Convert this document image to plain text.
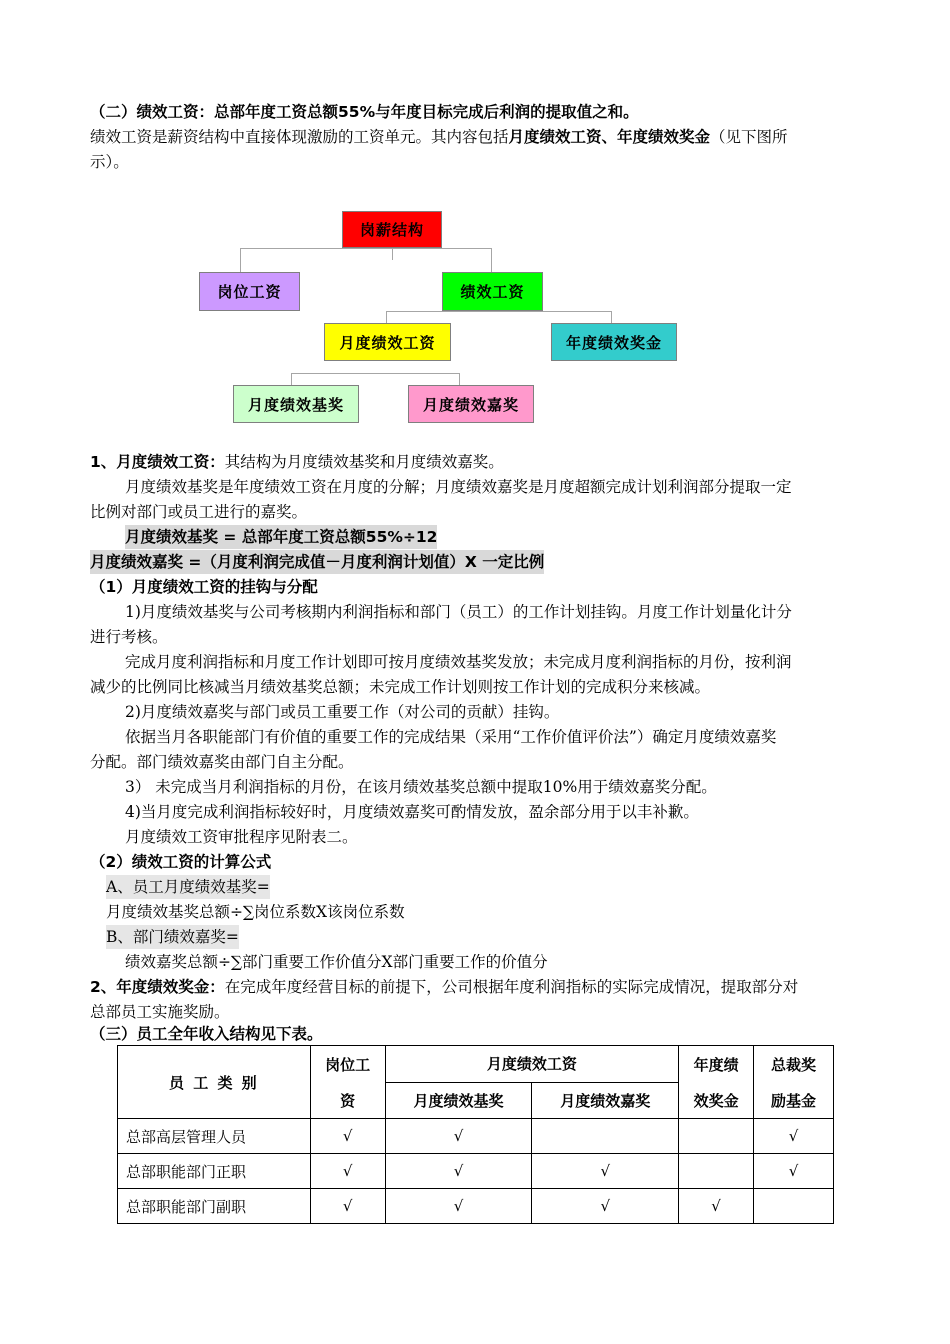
（二）绩效工资：总部年度工资总额55%与年度目标完成后利润的提取值之和。
绩效工资是薪资结构中直接体现激励的工资单元。其内容包括月度绩效工资、年度绩效奖金（见下图所
示）。
岗薪结构
岗位工资	绩效工资
月度绩效工资	年度绩效奖金
月度绩效基奖	月度绩效嘉奖
1、月度绩效工资：其结构为月度绩效基奖和月度绩效嘉奖。
月度绩效基奖是年度绩效工资在月度的分解；月度绩效嘉奖是月度超额完成计划利润部分提取一定
比例对部门或员工进行的嘉奖。
月度绩效基奖 = 总部年度工资总额55%÷12
月度绩效嘉奖 =（月度利润完成值－月度利润计划值）X 一定比例
（1）月度绩效工资的挂钩与分配
1)月度绩效基奖与公司考核期内利润指标和部门（员工）的工作计划挂钩。月度工作计划量化计分
进行考核。
完成月度利润指标和月度工作计划即可按月度绩效基奖发放；未完成月度利润指标的月份，按利润
减少的比例同比核减当月绩效基奖总额；未完成工作计划则按工作计划的完成积分来核减。
2)月度绩效嘉奖与部门或员工重要工作（对公司的贡献）挂钩。
依据当月各职能部门有价值的重要工作的完成结果（采用“工作价值评价法”）确定月度绩效嘉奖
分配。部门绩效嘉奖由部门自主分配。
3） 未完成当月利润指标的月份，在该月绩效基奖总额中提取10%用于绩效嘉奖分配。
4)当月度完成利润指标较好时，月度绩效嘉奖可酌情发放，盈余部分用于以丰补歉。
月度绩效工资审批程序见附表二。
（2）绩效工资的计算公式
A、员工月度绩效基奖=
月度绩效基奖总额÷∑岗位系数X该岗位系数
B、部门绩效嘉奖=
绩效嘉奖总额÷∑部门重要工作价值分X部门重要工作的价值分
2、年度绩效奖金：在完成年度经营目标的前提下，公司根据年度利润指标的实际完成情况，提取部分对
总部员工实施奖励。
（三）员工全年收入结构见下表。
员 工 类 别	岗位工	月度绩效工资		年度绩	总裁奖
	资	月度绩效基奖	月度绩效嘉奖	效奖金	励基金
总部高层管理人员	√	√			√
总部职能部门正职	√	√	√		√
总部职能部门副职	√	√	√	√	
